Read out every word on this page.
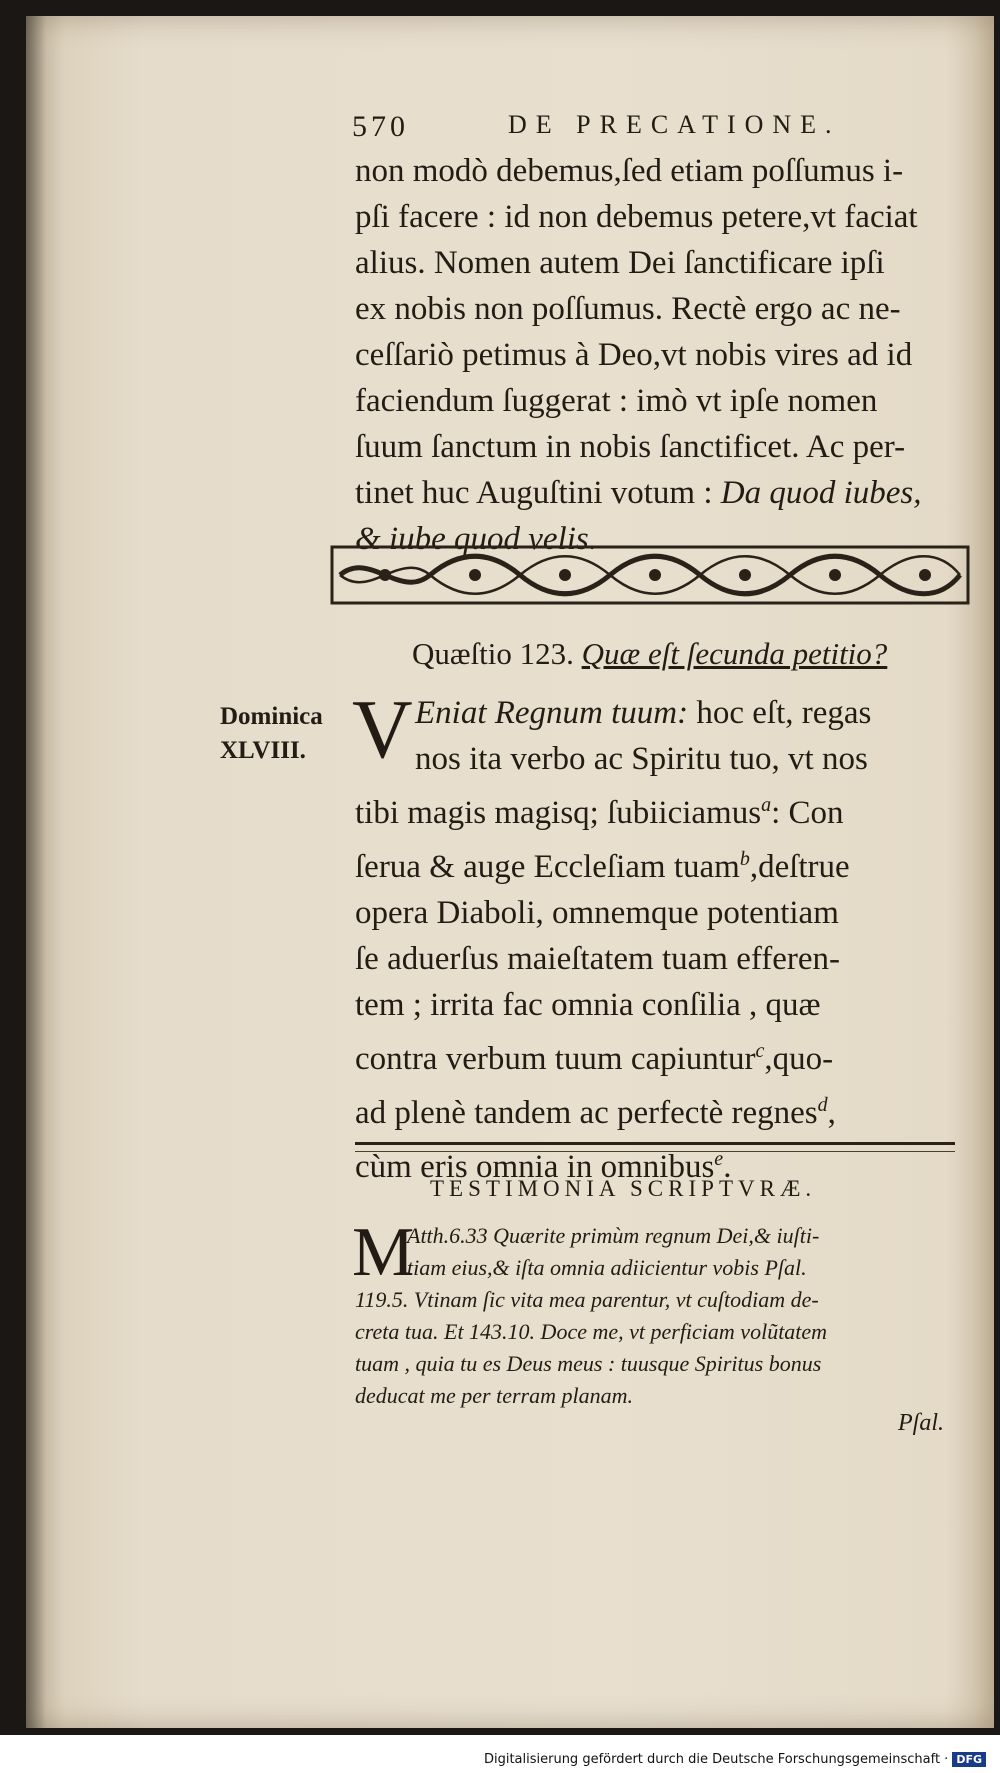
570	DE PRECATIONE.
non modò debemus,ſed etiam poſſumus i-
pſi facere : id non debemus petere,vt faciat
alius. Nomen autem Dei ſanctificare ipſi
ex nobis non poſſumus. Rectè ergo ac ne-
ceſſariò petimus à Deo,vt nobis vires ad id
faciendum ſuggerat : imò vt ipſe nomen
ſuum ſanctum in nobis ſanctificet. Ac per-
tinet huc Auguſtini votum : Da quod iubes,
& iube quod velis.
Quæſtio 123. Quæ eſt ſecunda petitio?
Dominica
XLVIII. V Eniat Regnum tuum: hoc eſt, regas
nos ita verbo ac Spiritu tuo, vt nos
tibi magis magisq; ſubiiciamus$^a$: Con
ſerua & auge Eccleſiam tuam$^b$,deſtrue
opera Diaboli, omnemque potentiam
ſe aduerſus maieſtatem tuam efferen-
tem ; irrita fac omnia conſilia , quæ
contra verbum tuum capiuntur$^c$,quo-
ad plenè tandem ac perfectè regnes$^d$,
cùm eris omnia in omnibus$^e$.
TESTIMONIA SCRIPTVRÆ.
M
Atth.6.33 Quærite primùm regnum Dei,& iuſti-
tiam eius,& iſta omnia adiicientur vobis Pſal.
119.5. Vtinam ſic vita mea parentur, vt cuſtodiam de-
creta tua. Et 143.10. Doce me, vt perficiam volũtatem
tuam , quia tu es Deus meus : tuusque Spiritus bonus
deducat me per terram planam.
Pſal.
Digitalisierung gefördert durch die Deutsche Forschungsgemeinschaft · DFG
